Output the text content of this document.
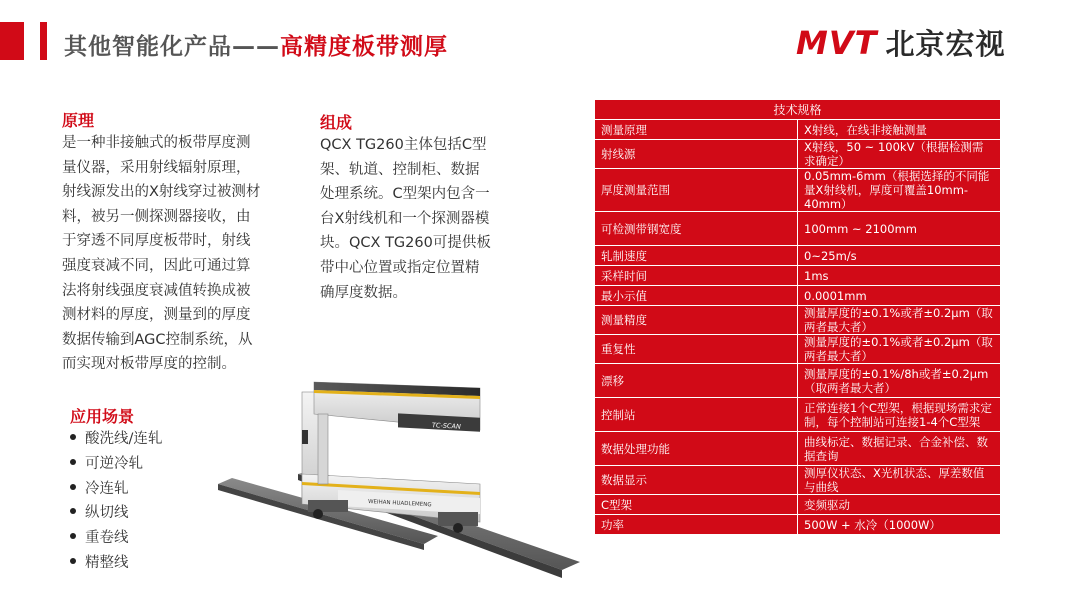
其他智能化产品——高精度板带测厚	MVT 北京宏视
原理
是一种非接触式的板带厚度测
量仪器，采用射线辐射原理，
射线源发出的X射线穿过被测材
料，被另一侧探测器接收，由
于穿透不同厚度板带时，射线
强度衰减不同，因此可通过算
法将射线强度衰减值转换成被
测材料的厚度，测量到的厚度
数据传输到AGC控制系统，从
而实现对板带厚度的控制。
组成
QCX TG260主体包括C型
架、轨道、控制柜、数据
处理系统。C型架内包含一
台X射线机和一个探测器模
块。QCX TG260可提供板
带中心位置或指定位置精
确厚度数据。
应用场景
酸洗线/连轧
可逆冷轧
冷连轧
纵切线
重卷线
精整线
TC-SCAN
WEIHAN HUADLEMENG
技术规格	
测量原理	X射线，在线非接触测量
射线源	X射线，50 ~ 100kV（根据检测需求确定）
厚度测量范围	0.05mm-6mm（根据选择的不同能量X射线机，厚度可覆盖10mm-40mm）
可检测带钢宽度	100mm ~ 2100mm
轧制速度	0~25m/s
采样时间	1ms
最小示值	0.0001mm
测量精度	测量厚度的±0.1%或者±0.2μm（取两者最大者）
重复性	测量厚度的±0.1%或者±0.2μm（取两者最大者）
漂移	测量厚度的±0.1%/8h或者±0.2μm（取两者最大者）
控制站	正常连接1个C型架，根据现场需求定制，每个控制站可连接1-4个C型架
数据处理功能	曲线标定、数据记录、合金补偿、数据查询
数据显示	测厚仪状态、X光机状态、厚差数值与曲线
C型架	变频驱动
功率	500W + 水冷（1000W）
